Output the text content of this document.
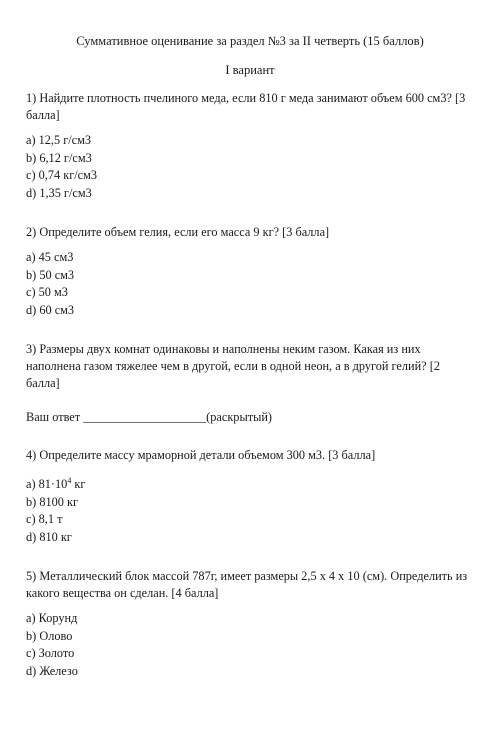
Суммативное оценивание за раздел №3 за II четверть (15 баллов)

I вариант

1) Найдите плотность пчелиного меда, если 810 г меда занимают объем 600 см3? [3 балла]

a) 12,5 г/см3
b) 6,12 г/см3
c) 0,74 кг/см3
d) 1,35 г/см3

2) Определите объем гелия, если его масса 9 кг? [3 балла]

a) 45 см3
b) 50 см3
c) 50 м3
d) 60 см3

3) Размеры двух комнат одинаковы и наполнены неким газом. Какая из них наполнена газом тяжелее чем в другой, если в одной неон, а в другой гелий? [2 балла]

Ваш ответ ____________________(раскрытый)

4) Определите массу мраморной детали объемом 300 м3. [3 балла]

a) $81\cdot 10^4$ кг
b) 8100 кг
c) 8,1 т
d) 810 кг

5) Металлический блок массой 787г, имеет размеры 2,5 х 4 х 10 (см). Определить из какого вещества он сделан. [4 балла]

a) Корунд
b) Олово
c) Золото
d) Железо
